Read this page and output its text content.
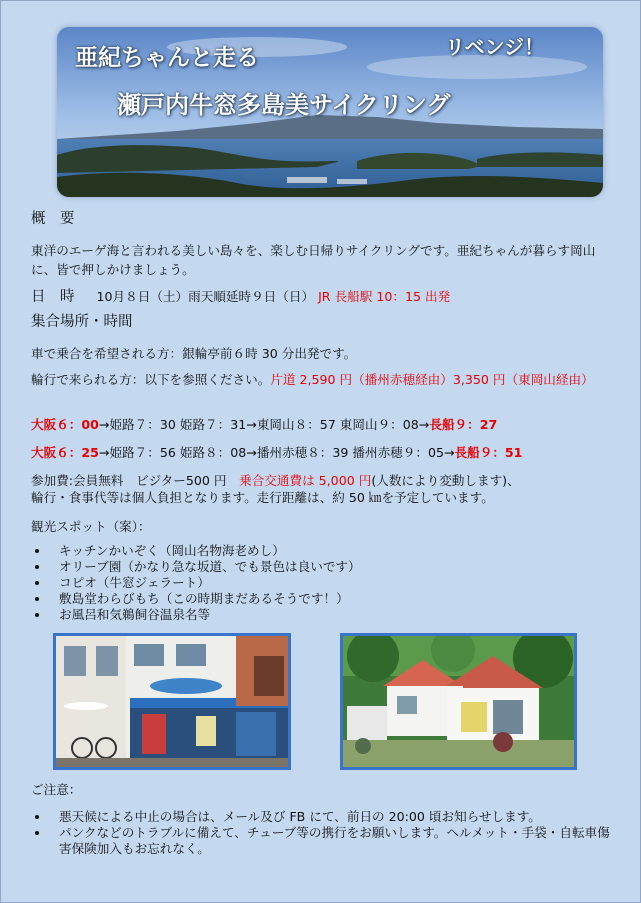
亜紀ちゃんと走る
瀬戸内牛窓多島美サイクリング
リベンジ！
概　要
東洋のエーゲ海と言われる美しい島々を、楽しむ日帰りサイクリングです。亜紀ちゃんが暮らす岡山に、皆で押しかけましょう。
日　時 10月８日（土）雨天順延時９日（日） JR 長船駅 10：15 出発
集合場所・時間
車で乗合を希望される方：銀輪亭前６時 30 分出発です。
輪行で来られる方：以下を参照ください。片道 2,590 円（播州赤穂経由）3,350 円（東岡山経由）
大阪６：00→姫路７：30 姫路７：31→東岡山８：57 東岡山９：08→長船９：27
大阪６：25→姫路７：56 姫路８：08→播州赤穂８：39 播州赤穂９：05→長船９：51
参加費:会員無料　ビジター500 円　乗合交通費は 5,000 円(人数により変動します)、
輪行・食事代等は個人負担となります。走行距離は、約 50 ㎞を予定しています。
観光スポット（案）：
キッチンかいぞく（岡山名物海老めし）
オリーブ園（かなり急な坂道、でも景色は良いです）
コピオ（牛窓ジェラート）
敷島堂わらびもち（この時期まだあるそうです！）
お風呂和気鵜飼谷温泉名等
ご注意：
悪天候による中止の場合は、メール及び FB にて、前日の 20:00 頃お知らせします。
パンクなどのトラブルに備えて、チューブ等の携行をお願いします。ヘルメット・手袋・自転車傷害保険加入もお忘れなく。
